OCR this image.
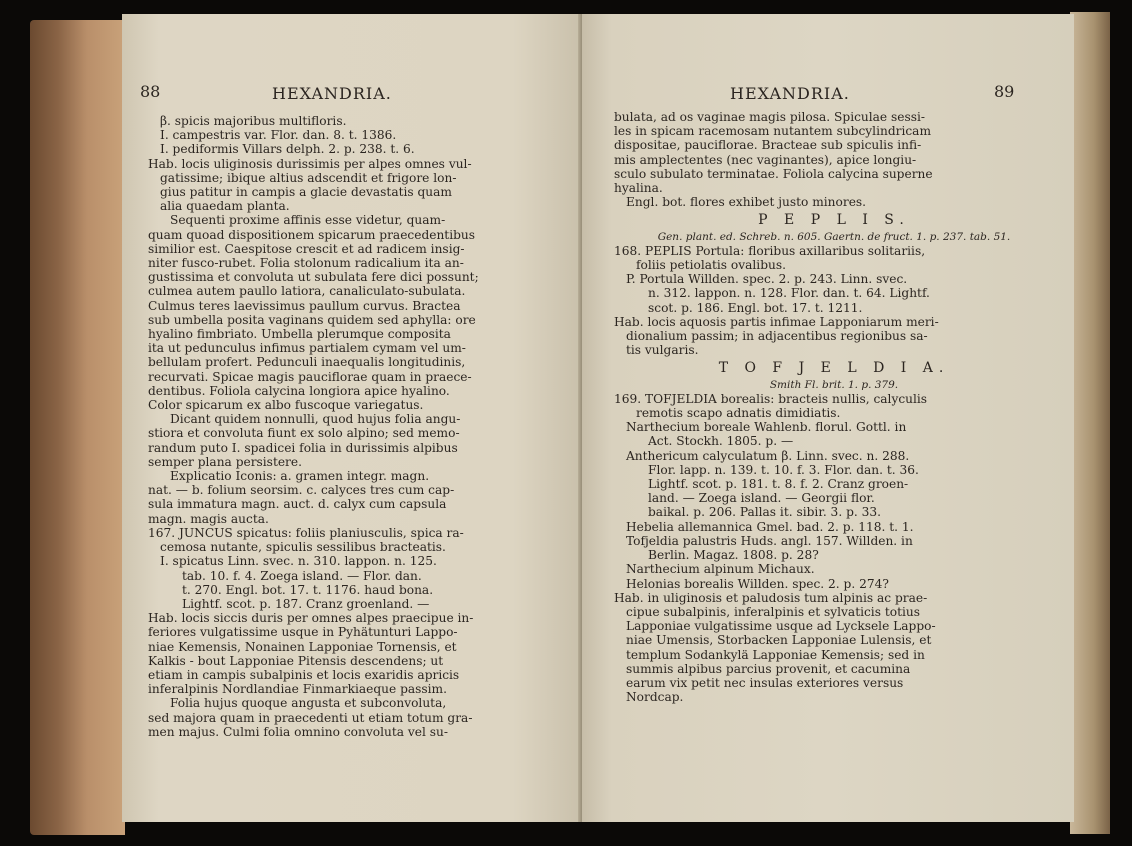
88	HEXANDRIA.

β. spicis majoribus multifloris.

I. campestris var. Flor. dan. 8. t. 1386.

I. pediformis Villars delph. 2. p. 238. t. 6.

Hab. locis uliginosis durissimis per alpes omnes vul-

gatissime; ibique altius adscendit et frigore lon-

gius patitur in campis a glacie devastatis quam

alia quaedam planta.

Sequenti proxime affinis esse videtur, quam-

quam quoad dispositionem spicarum praecedentibus

similior est. Caespitose crescit et ad radicem insig-

niter fusco-rubet. Folia stolonum radicalium ita an-

gustissima et convoluta ut subulata fere dici possunt;

culmea autem paullo latiora, canaliculato-subulata.

Culmus teres laevissimus paullum curvus. Bractea

sub umbella posita vaginans quidem sed aphylla: ore

hyalino fimbriato. Umbella plerumque composita

ita ut pedunculus infimus partialem cymam vel um-

bellulam profert. Pedunculi inaequalis longitudinis,

recurvati. Spicae magis pauciflorae quam in praece-

dentibus. Foliola calycina longiora apice hyalino.

Color spicarum ex albo fuscoque variegatus.

Dicant quidem nonnulli, quod hujus folia angu-

stiora et convoluta fiunt ex solo alpino; sed memo-

randum puto I. spadicei folia in durissimis alpibus

semper plana persistere.

Explicatio Iconis: a. gramen integr. magn.

nat. — b. folium seorsim. c. calyces tres cum cap-

sula immatura magn. auct. d. calyx cum capsula

magn. magis aucta.

167. JUNCUS spicatus: foliis planiusculis, spica ra-

cemosa nutante, spiculis sessilibus bracteatis.

I. spicatus Linn. svec. n. 310. lappon. n. 125.

tab. 10. f. 4. Zoega island. — Flor. dan.

t. 270. Engl. bot. 17. t. 1176. haud bona.

Lightf. scot. p. 187. Cranz groenland. —

Hab. locis siccis duris per omnes alpes praecipue in-

feriores vulgatissime usque in Pyhätunturi Lappo-

niae Kemensis, Nonainen Lapponiae Tornensis, et

Kalkis - bout Lapponiae Pitensis descendens; ut

etiam in campis subalpinis et locis exaridis apricis

inferalpinis Nordlandiae Finmarkiaeque passim.

Folia hujus quoque angusta et subconvoluta,

sed majora quam in praecedenti ut etiam totum gra-

men majus. Culmi folia omnino convoluta vel su-

HEXANDRIA.	89

bulata, ad os vaginae magis pilosa. Spiculae sessi-

les in spicam racemosam nutantem subcylindricam

dispositae, pauciflorae. Bracteae sub spiculis infi-

mis amplectentes (nec vaginantes), apice longiu-

sculo subulato terminatae. Foliola calycina superne

hyalina.

Engl. bot. flores exhibet justo minores.

P E P L I S.

Gen. plant. ed. Schreb. n. 605. Gaertn. de fruct. 1. p. 237. tab. 51.

168. PEPLIS Portula: floribus axillaribus solitariis,

foliis petiolatis ovalibus.

P. Portula Willden. spec. 2. p. 243. Linn. svec.

n. 312. lappon. n. 128. Flor. dan. t. 64. Lightf.

scot. p. 186. Engl. bot. 17. t. 1211.

Hab. locis aquosis partis infimae Lapponiarum meri-

dionalium passim; in adjacentibus regionibus sa-

tis vulgaris.

T O F J E L D I A.

Smith Fl. brit. 1. p. 379.

169. TOFJELDIA borealis: bracteis nullis, calyculis

remotis scapo adnatis dimidiatis.

Narthecium boreale Wahlenb. florul. Gottl. in

Act. Stockh. 1805. p. —

Anthericum calyculatum β. Linn. svec. n. 288.

Flor. lapp. n. 139. t. 10. f. 3. Flor. dan. t. 36.

Lightf. scot. p. 181. t. 8. f. 2. Cranz groen-

land. — Zoega island. — Georgii flor.

baikal. p. 206. Pallas it. sibir. 3. p. 33.

Hebelia allemannica Gmel. bad. 2. p. 118. t. 1.

Tofjeldia palustris Huds. angl. 157. Willden. in

Berlin. Magaz. 1808. p. 28?

Narthecium alpinum Michaux.

Helonias borealis Willden. spec. 2. p. 274?

Hab. in uliginosis et paludosis tum alpinis ac prae-

cipue subalpinis, inferalpinis et sylvaticis totius

Lapponiae vulgatissime usque ad Lycksele Lappo-

niae Umensis, Storbacken Lapponiae Lulensis, et

templum Sodankylä Lapponiae Kemensis; sed in

summis alpibus parcius provenit, et cacumina

earum vix petit nec insulas exteriores versus

Nordcap.
